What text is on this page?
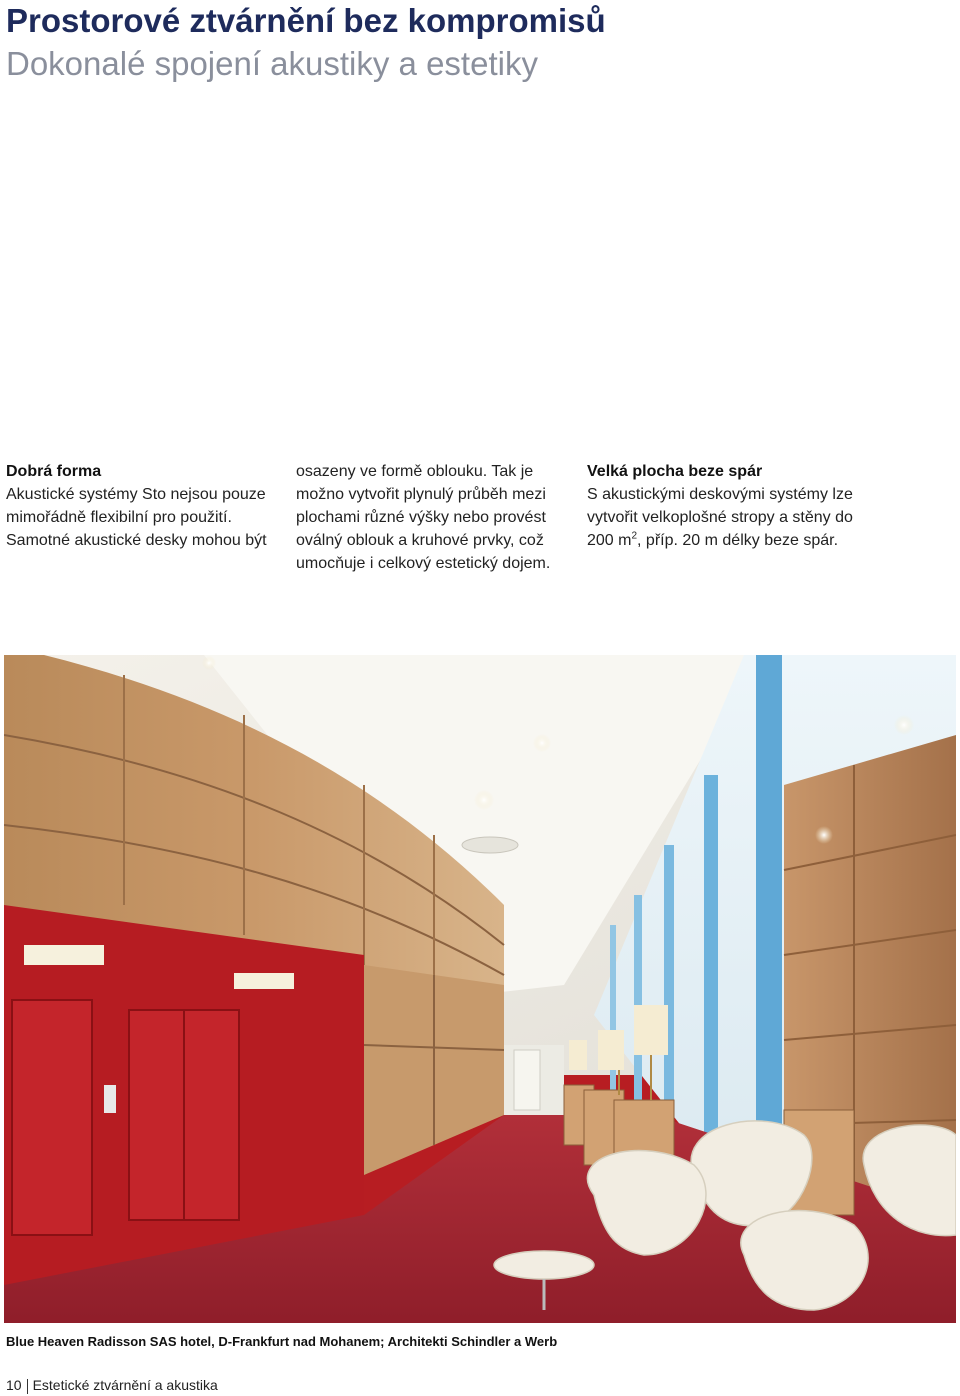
Prostorové ztvárnění bez kompromisů
Dokonalé spojení akustiky a estetiky

Dobrá forma

Akustické systémy Sto nejsou pouze mimořádně flexibilní pro použití. Samotné akustické desky mohou být

osazeny ve formě oblouku. Tak je možno vytvořit plynulý průběh mezi plochami různé výšky nebo provést oválný oblouk a kruhové prvky, což umocňuje i celkový estetický dojem.

Velká plocha beze spár

S akustickými deskovými systémy lze vytvořit velkoplošné stropy a stěny do 200 $m^2$, příp. 20 m délky beze spár.

Blue Heaven Radisson SAS hotel, D-Frankfurt nad Mohanem; Architekti Schindler a Werb

10 Estetické ztvárnění a akustika
